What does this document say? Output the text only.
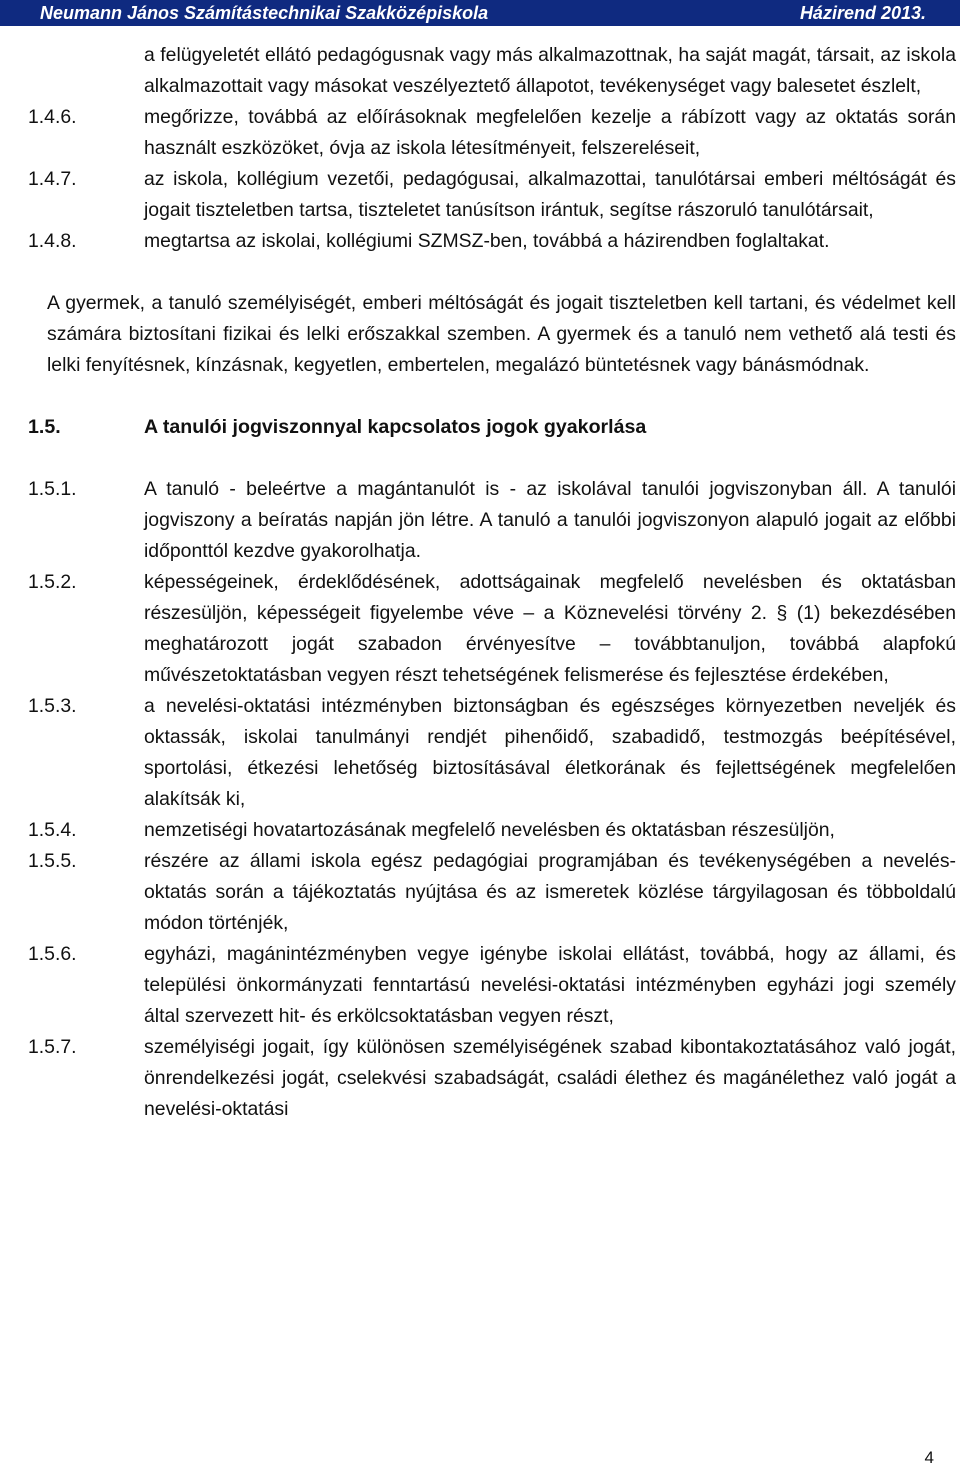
Neumann János Számítástechnikai Szakközépiskola	Házirend 2013.
a felügyeletét ellátó pedagógusnak vagy más alkalmazottnak, ha saját magát, társait, az iskola alkalmazottait vagy másokat veszélyeztető állapotot, tevékenységet vagy balesetet észlelt,
1.4.6.	megőrizze, továbbá az előírásoknak megfelelően kezelje a rábízott vagy az oktatás során használt eszközöket, óvja az iskola létesítményeit, felszereléseit,
1.4.7.	az iskola, kollégium vezetői, pedagógusai, alkalmazottai, tanulótársai emberi méltóságát és jogait tiszteletben tartsa, tiszteletet tanúsítson irántuk, segítse rászoruló tanulótársait,
1.4.8.	megtartsa az iskolai, kollégiumi SZMSZ-ben, továbbá a házirendben foglaltakat.
A gyermek, a tanuló személyiségét, emberi méltóságát és jogait tiszteletben kell tartani, és védelmet kell számára biztosítani fizikai és lelki erőszakkal szemben. A gyermek és a tanuló nem vethető alá testi és lelki fenyítésnek, kínzásnak, kegyetlen, embertelen, megalázó büntetésnek vagy bánásmódnak.
1.5.	A tanulói jogviszonnyal kapcsolatos jogok gyakorlása
1.5.1.	A tanuló - beleértve a magántanulót is - az iskolával tanulói jogviszonyban áll. A tanulói jogviszony a beíratás napján jön létre. A tanuló a tanulói jogviszonyon alapuló jogait az előbbi időponttól kezdve gyakorolhatja.
1.5.2.	képességeinek, érdeklődésének, adottságainak megfelelő nevelésben és oktatásban részesüljön, képességeit figyelembe véve – a Köznevelési törvény 2. § (1) bekezdésében meghatározott jogát szabadon érvényesítve – továbbtanuljon, továbbá alapfokú művészetoktatásban vegyen részt tehetségének felismerése és fejlesztése érdekében,
1.5.3.	a nevelési-oktatási intézményben biztonságban és egészséges környezetben neveljék és oktassák, iskolai tanulmányi rendjét pihenőidő, szabadidő, testmozgás beépítésével, sportolási, étkezési lehetőség biztosításával életkorának és fejlettségének megfelelően alakítsák ki,
1.5.4.	nemzetiségi hovatartozásának megfelelő nevelésben és oktatásban részesüljön,
1.5.5.	részére az állami iskola egész pedagógiai programjában és tevékenységében a nevelés-oktatás során a tájékoztatás nyújtása és az ismeretek közlése tárgyilagosan és többoldalú módon történjék,
1.5.6.	egyházi, magánintézményben vegye igénybe iskolai ellátást, továbbá, hogy az állami, és települési önkormányzati fenntartású nevelési-oktatási intézményben egyházi jogi személy által szervezett hit- és erkölcsoktatásban vegyen részt,
1.5.7.	személyiségi jogait, így különösen személyiségének szabad kibontakoztatásához való jogát, önrendelkezési jogát, cselekvési szabadságát, családi élethez és magánélethez való jogát a nevelési-oktatási
4
